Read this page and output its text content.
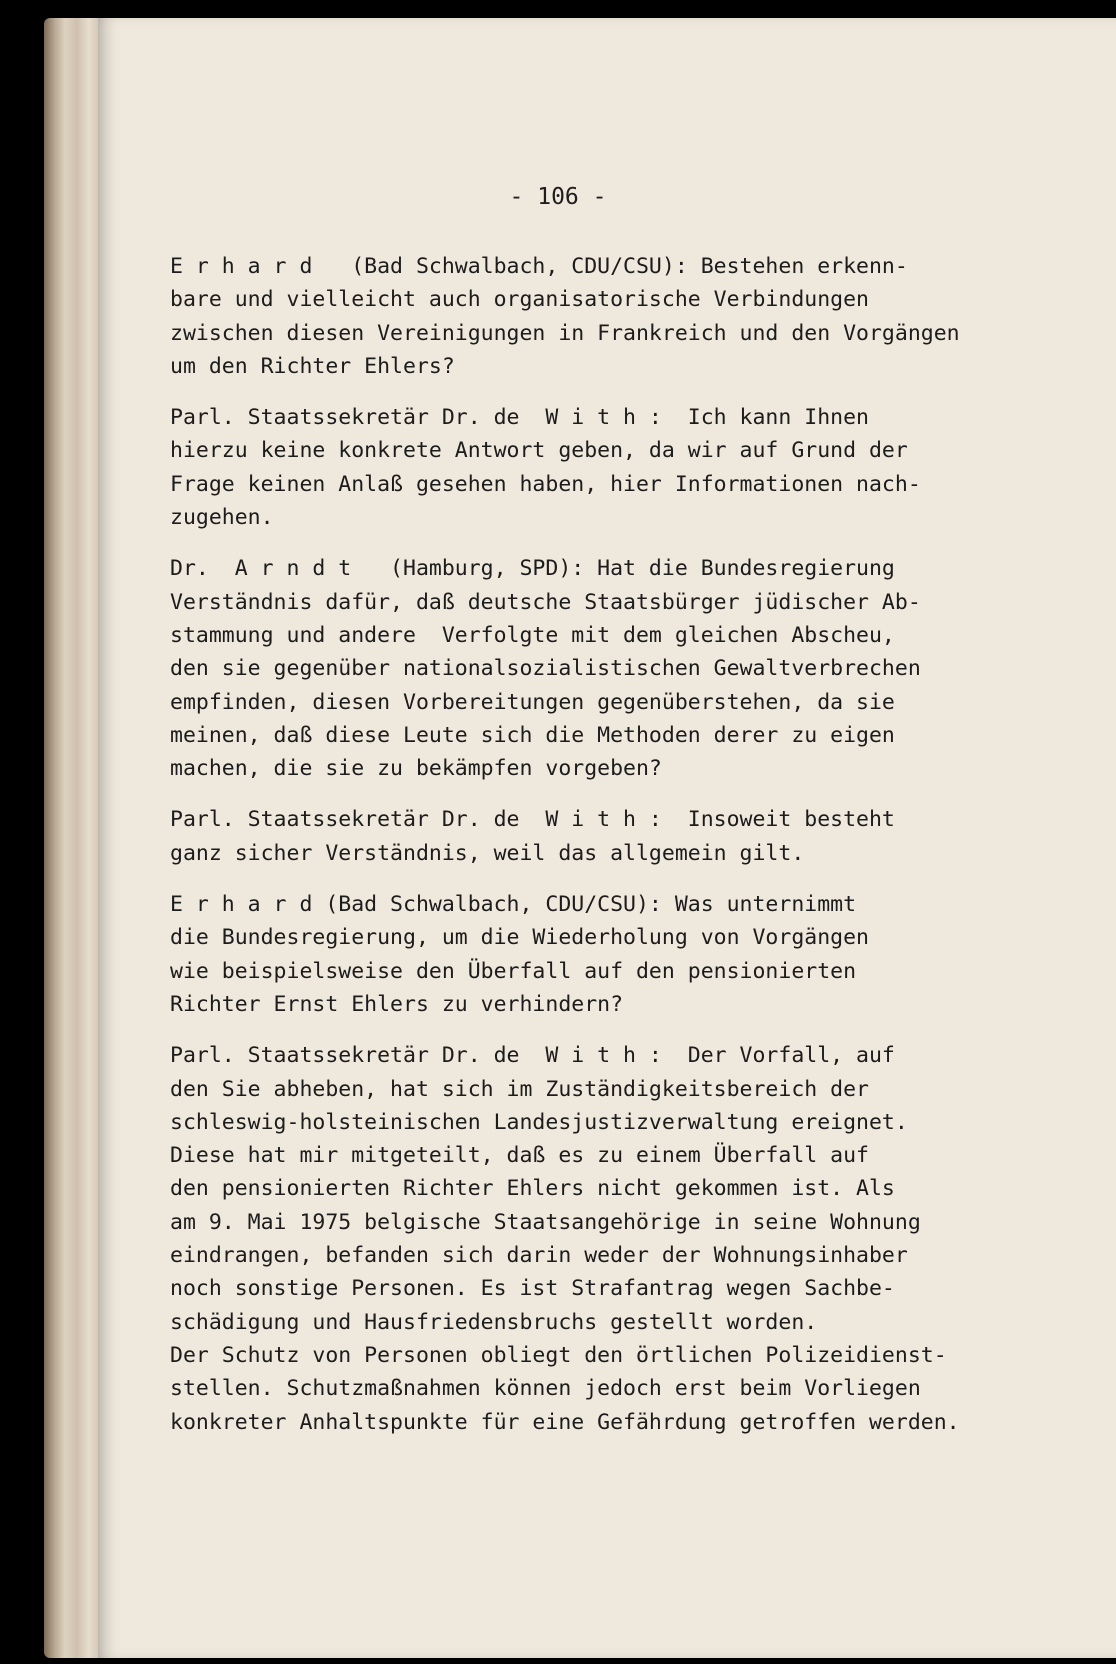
- 106 -
E r h a r d   (Bad Schwalbach, CDU/CSU): Bestehen erkenn-
bare und vielleicht auch organisatorische Verbindungen
zwischen diesen Vereinigungen in Frankreich und den Vorgängen
um den Richter Ehlers?
Parl. Staatssekretär Dr. de  W i t h :  Ich kann Ihnen
hierzu keine konkrete Antwort geben, da wir auf Grund der
Frage keinen Anlaß gesehen haben, hier Informationen nach-
zugehen.
Dr.  A r n d t   (Hamburg, SPD): Hat die Bundesregierung
Verständnis dafür, daß deutsche Staatsbürger jüdischer Ab-
stammung und andere  Verfolgte mit dem gleichen Abscheu,
den sie gegenüber nationalsozialistischen Gewaltverbrechen
empfinden, diesen Vorbereitungen gegenüberstehen, da sie
meinen, daß diese Leute sich die Methoden derer zu eigen
machen, die sie zu bekämpfen vorgeben?
Parl. Staatssekretär Dr. de  W i t h :  Insoweit besteht
ganz sicher Verständnis, weil das allgemein gilt.
E r h a r d (Bad Schwalbach, CDU/CSU): Was unternimmt
die Bundesregierung, um die Wiederholung von Vorgängen
wie beispielsweise den Überfall auf den pensionierten
Richter Ernst Ehlers zu verhindern?
Parl. Staatssekretär Dr. de  W i t h :  Der Vorfall, auf
den Sie abheben, hat sich im Zuständigkeitsbereich der
schleswig-holsteinischen Landesjustizverwaltung ereignet.
Diese hat mir mitgeteilt, daß es zu einem Überfall auf
den pensionierten Richter Ehlers nicht gekommen ist. Als
am 9. Mai 1975 belgische Staatsangehörige in seine Wohnung
eindrangen, befanden sich darin weder der Wohnungsinhaber
noch sonstige Personen. Es ist Strafantrag wegen Sachbe-
schädigung und Hausfriedensbruchs gestellt worden.
Der Schutz von Personen obliegt den örtlichen Polizeidienst-
stellen. Schutzmaßnahmen können jedoch erst beim Vorliegen
konkreter Anhaltspunkte für eine Gefährdung getroffen werden.
